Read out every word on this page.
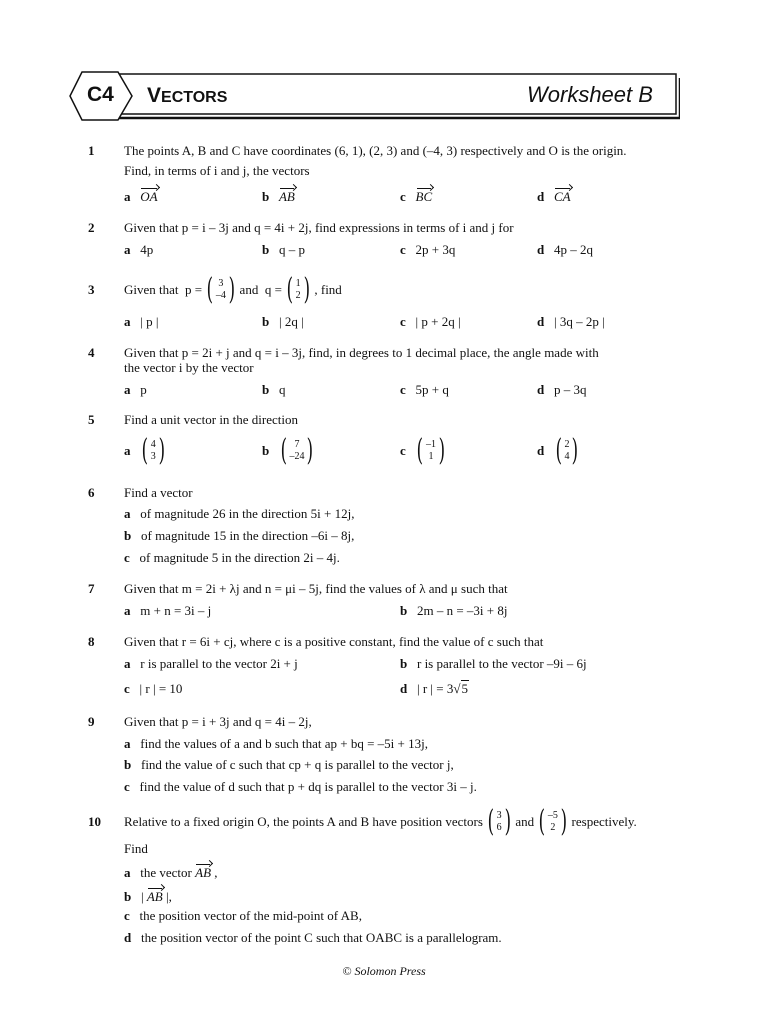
C4 VECTORS	Worksheet B
1 The points A, B and C have coordinates (6, 1), (2, 3) and (–4, 3) respectively and O is the origin.
Find, in terms of i and j, the vectors
a OA	b AB	c BC	d CA
2 Given that p = i – 3j and q = 4i + 2j, find expressions in terms of i and j for
a 4p	b q – p	c 2p + 3q	d 4p – 2q
3 Given that
p = ( 3
–4 ) and
q = ( 1
2 ) , find
a | p |	b | 2q |	c | p + 2q |	d | 3q – 2p |
4 Given that p = 2i + j and q = i – 3j, find, in degrees to 1 decimal place, the angle made with
the vector i by the vector
a p	b q	c 5p + q	d p – 3q
5 Find a unit vector in the direction
a
( 4
3 )	b
( 7
–24 )	c
( –1
1 )	d
( 2
4 )
6 Find a vector
a of magnitude 26 in the direction 5i + 12j,
b of magnitude 15 in the direction –6i – 8j,
c of magnitude 5 in the direction 2i – 4j.
7 Given that m = 2i + λj and n = μi – 5j, find the values of λ and μ such that
a m + n = 3i – j	b 2m – n = –3i + 8j
8 Given that r = 6i + cj, where c is a positive constant, find the value of c such that
a r is parallel to the vector 2i + j	b r is parallel to the vector –9i – 6j
c | r | = 10	d | r | = 3√5
9 Given that p = i + 3j and q = 4i – 2j,
a find the values of a and b such that ap + bq = –5i + 13j,
b find the value of c such that cp + q is parallel to the vector j,
c find the value of d such that p + dq is parallel to the vector 3i – j.
10 Relative to a fixed origin O, the points A and B have position vectors ( 3
6 ) and ( –5
2 ) respectively.
Find
a the vector AB ,
b | AB |,
c the position vector of the mid-point of AB,
d the position vector of the point C such that OABC is a parallelogram.
© Solomon Press
